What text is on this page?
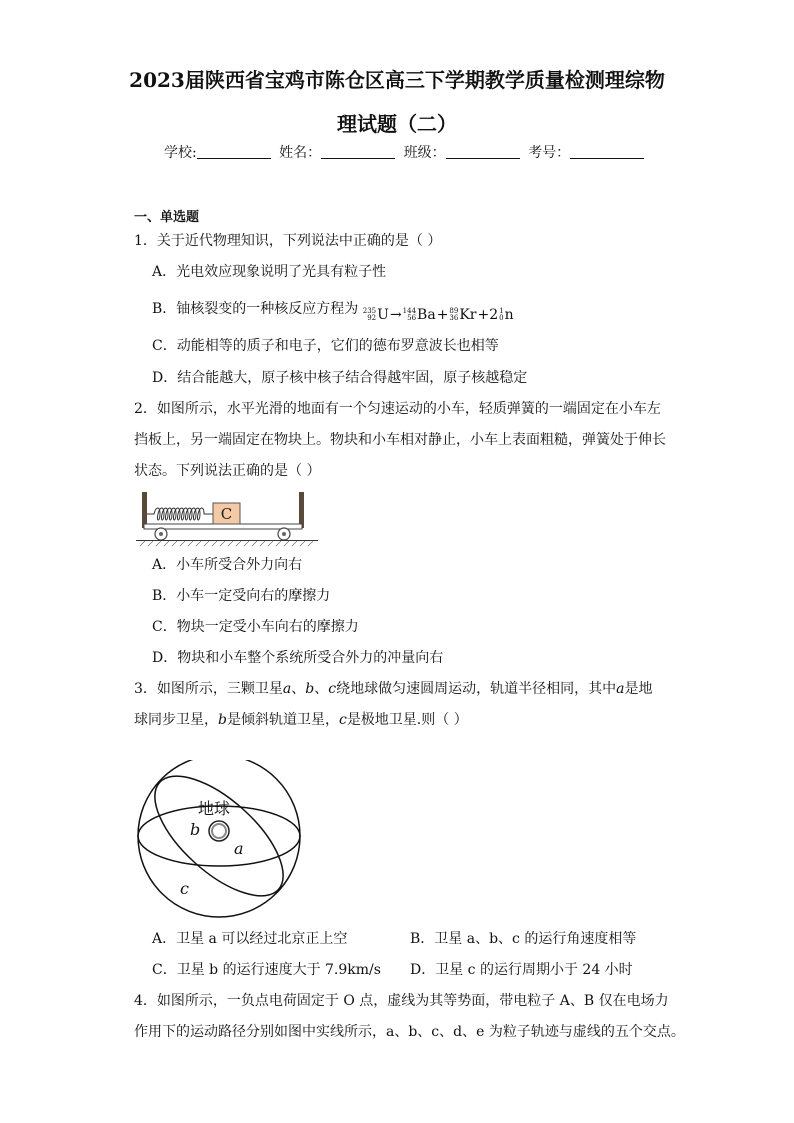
2023届陕西省宝鸡市陈仓区高三下学期教学质量检测理综物
理试题（二）
学校:	姓名：	班级：	考号：
一、单选题
1．关于近代物理知识，下列说法中正确的是（ ）
A．光电效应现象说明了光具有粒子性
B．铀核裂变的一种核反应方程为 235
92 U → 144
56 Ba + 89
36 Kr +2 1
0 n
C．动能相等的质子和电子，它们的德布罗意波长也相等
D．结合能越大，原子核中核子结合得越牢固，原子核越稳定
2．如图所示，水平光滑的地面有一个匀速运动的小车，轻质弹簧的一端固定在小车左
挡板上，另一端固定在物块上。物块和小车相对静止，小车上表面粗糙，弹簧处于伸长
状态。下列说法正确的是（ ）
C
A．小车所受合外力向右
B．小车一定受向右的摩擦力
C．物块一定受小车向右的摩擦力
D．物块和小车整个系统所受合外力的冲量向右
3．如图所示，三颗卫星a、b、c绕地球做匀速圆周运动，轨道半径相同，其中a是地
球同步卫星，b是倾斜轨道卫星，c是极地卫星.则（ ）
地球
b
a
c
A．卫星 a 可以经过北京正上空	B．卫星 a、b、c 的运行角速度相等
C．卫星 b 的运行速度大于 7.9km/s D．卫星 c 的运行周期小于 24 小时
4．如图所示，一负点电荷固定于 O 点，虚线为其等势面，带电粒子 A、B 仅在电场力
作用下的运动路径分别如图中实线所示，a、b、c、d、e 为粒子轨迹与虚线的五个交点。
